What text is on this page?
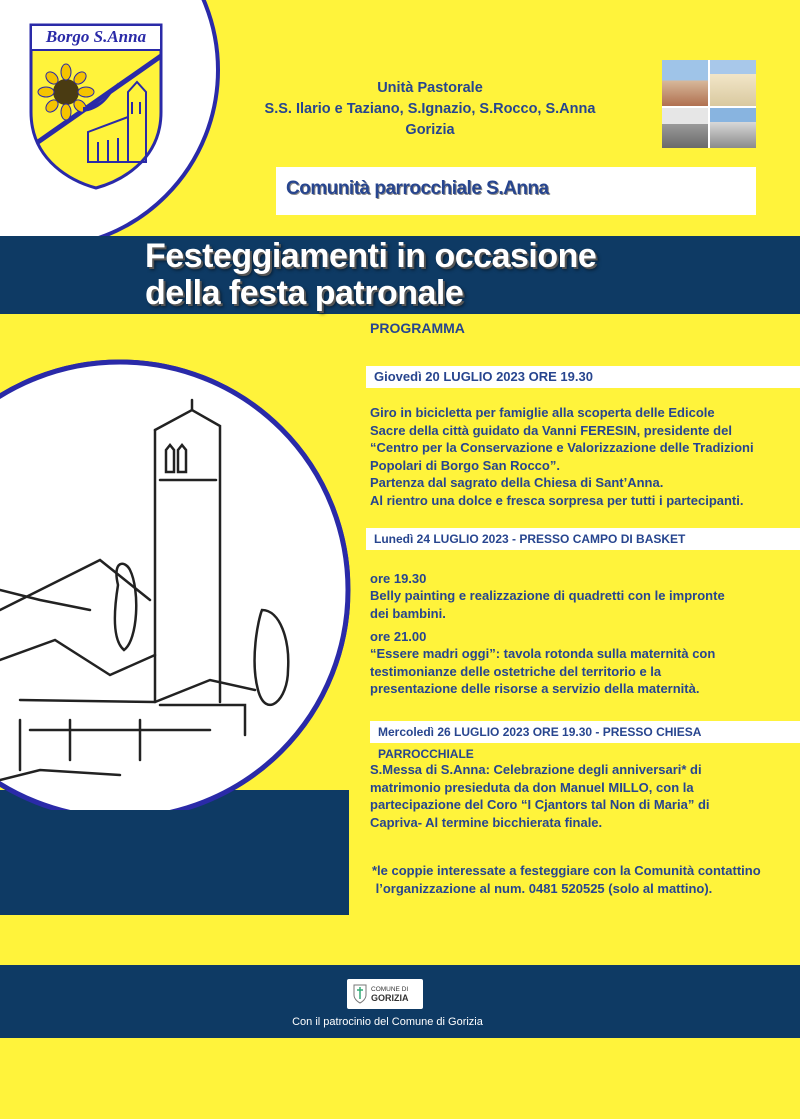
Borgo S.Anna
Unità Pastorale
S.S. Ilario e Taziano, S.Ignazio, S.Rocco, S.Anna
Gorizia
Comunità parrocchiale S.Anna
Festeggiamenti in occasione
della festa patronale
PROGRAMMA
Giovedì 20 LUGLIO 2023 ORE 19.30
Giro in bicicletta per famiglie alla scoperta delle Edicole
Sacre della città guidato da Vanni FERESIN, presidente del
“Centro per la Conservazione e Valorizzazione delle Tradizioni
Popolari di Borgo San Rocco”.
Partenza dal sagrato della Chiesa di Sant’Anna.
Al rientro una dolce e fresca sorpresa per tutti i partecipanti.
Lunedì 24 LUGLIO 2023 - PRESSO CAMPO DI BASKET
ore 19.30
Belly painting e realizzazione di quadretti con le impronte
dei bambini.
ore 21.00
“Essere madri oggi”: tavola rotonda sulla maternità con
testimonianze delle ostetriche del territorio e la
presentazione delle risorse a servizio della maternità.
Mercoledì 26 LUGLIO 2023 ORE 19.30 - PRESSO CHIESA PARROCCHIALE
S.Messa di S.Anna: Celebrazione degli anniversari* di
matrimonio presieduta da don Manuel MILLO, con la
partecipazione del Coro “I Cjantors tal Non di Maria” di
Capriva- Al termine bicchierata finale.
*le coppie interessate a festeggiare con la Comunità contattino
l’organizzazione al num. 0481 520525 (solo al mattino).
COMUNE DI
GORIZIA
Con il patrocinio del Comune di Gorizia
